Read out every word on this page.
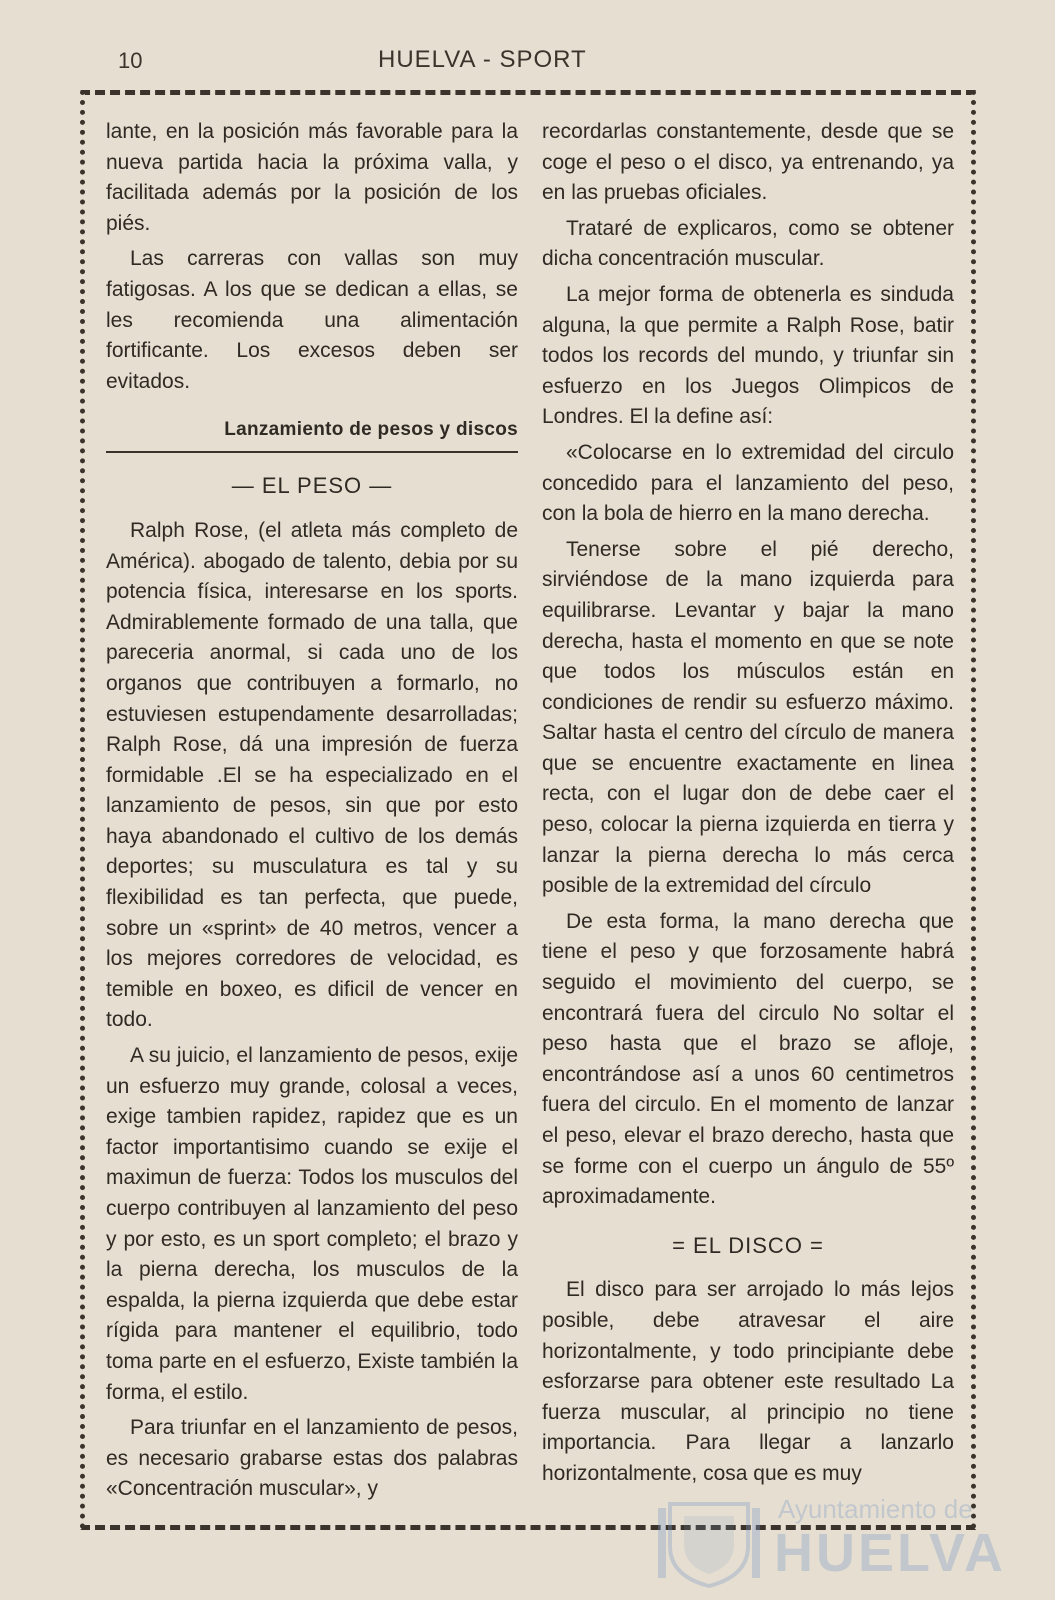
10	HUELVA - SPORT

lante, en la posición más favorable para la nueva partida hacia la próxima valla, y facilitada además por la posición de los piés.

Las carreras con vallas son muy fatigosas. A los que se dedican a ellas, se les recomienda una alimentación fortificante. Los excesos deben ser evitados.

Lanzamiento de pesos y discos
— EL PESO —

Ralph Rose, (el atleta más completo de América). abogado de talento, debia por su potencia física, interesarse en los sports. Admirablemente formado de una talla, que pareceria anormal, si cada uno de los organos que contribuyen a formarlo, no estuviesen estupendamente desarrolladas; Ralph Rose, dá una impresión de fuerza formidable .El se ha especializado en el lanzamiento de pesos, sin que por esto haya abandonado el cultivo de los demás deportes; su musculatura es tal y su flexibilidad es tan perfecta, que puede, sobre un «sprint» de 40 metros, vencer a los mejores corredores de velocidad, es temible en boxeo, es dificil de vencer en todo.

A su juicio, el lanzamiento de pesos, exije un esfuerzo muy grande, colosal a veces, exige tambien rapidez, rapidez que es un factor importantisimo cuando se exije el maximun de fuerza: Todos los musculos del cuerpo contribuyen al lanzamiento del peso y por esto, es un sport completo; el brazo y la pierna derecha, los musculos de la espalda, la pierna izquierda que debe estar rígida para mantener el equilibrio, todo toma parte en el esfuerzo, Existe también la forma, el estilo.

Para triunfar en el lanzamiento de pesos, es necesario grabarse estas dos palabras «Concentración muscular», y

recordarlas constantemente, desde que se coge el peso o el disco, ya entrenando, ya en las pruebas oficiales.

Trataré de explicaros, como se obtener dicha concentración muscular.

La mejor forma de obtenerla es sinduda alguna, la que permite a Ralph Rose, batir todos los records del mundo, y triunfar sin esfuerzo en los Juegos Olimpicos de Londres. El la define así:

«Colocarse en lo extremidad del circulo concedido para el lanzamiento del peso, con la bola de hierro en la mano derecha.

Tenerse sobre el pié derecho, sirviéndose de la mano izquierda para equilibrarse. Levantar y bajar la mano derecha, hasta el momento en que se note que todos los músculos están en condiciones de rendir su esfuerzo máximo. Saltar hasta el centro del círculo de manera que se encuentre exactamente en linea recta, con el lugar don de debe caer el peso, colocar la pierna izquierda en tierra y lanzar la pierna derecha lo más cerca posible de la extremidad del círculo

De esta forma, la mano derecha que tiene el peso y que forzosamente habrá seguido el movimiento del cuerpo, se encontrará fuera del circulo No soltar el peso hasta que el brazo se afloje, encontrándose así a unos 60 centimetros fuera del circulo. En el momento de lanzar el peso, elevar el brazo derecho, hasta que se forme con el cuerpo un ángulo de 55º aproximadamente.

= EL DISCO =

El disco para ser arrojado lo más lejos posible, debe atravesar el aire horizontalmente, y todo principiante debe esforzarse para obtener este resultado La fuerza muscular, al principio no tiene importancia. Para llegar a lanzarlo horizontalmente, cosa que es muy

Ayuntamiento de
HUELVA
